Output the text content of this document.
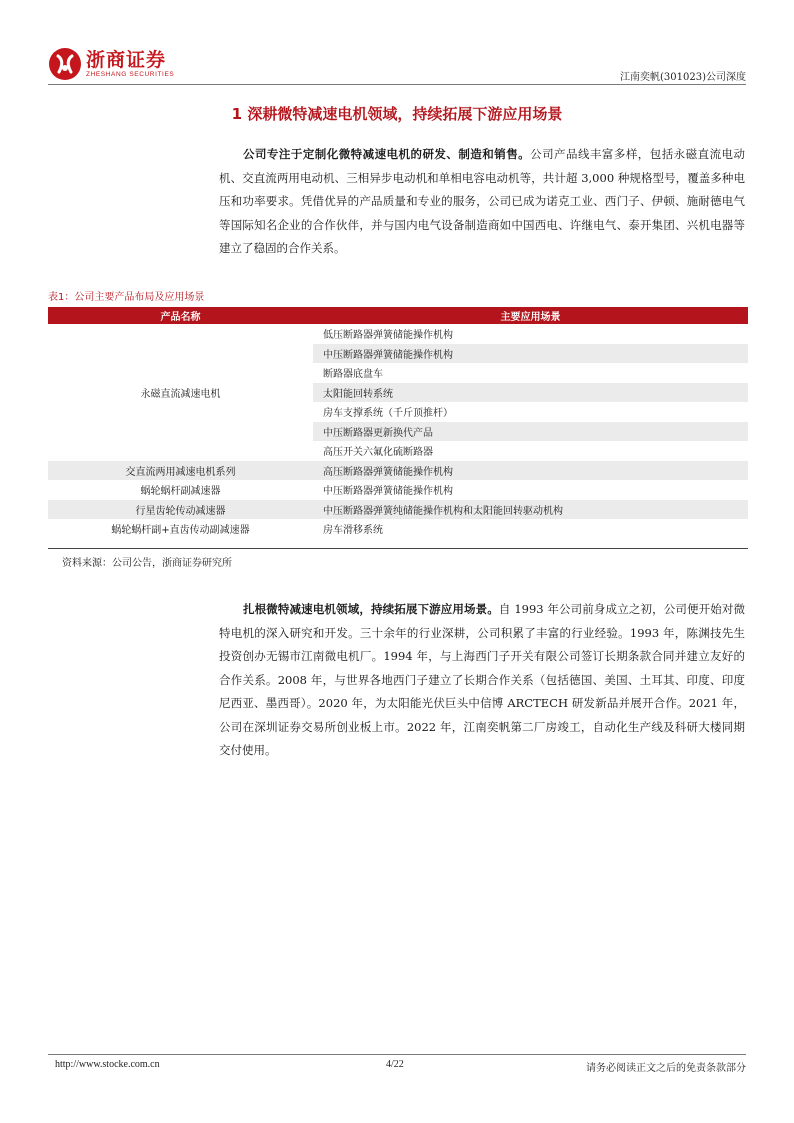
浙商证券
ZHESHANG SECURITIES	江南奕帆(301023)公司深度
1 深耕微特减速电机领域，持续拓展下游应用场景
公司专注于定制化微特减速电机的研发、制造和销售。公司产品线丰富多样，包括永磁直流电动机、交直流两用电动机、三相异步电动机和单相电容电动机等，共计超 3,000 种规格型号，覆盖多种电压和功率要求。凭借优异的产品质量和专业的服务，公司已成为诺克工业、西门子、伊顿、施耐德电气等国际知名企业的合作伙伴，并与国内电气设备制造商如中国西电、许继电气、泰开集团、兴机电器等建立了稳固的合作关系。
表1：公司主要产品布局及应用场景
产品名称	主要应用场景
永磁直流减速电机	低压断路器弹簧储能操作机构
	中压断路器弹簧储能操作机构
	断路器底盘车
	太阳能回转系统
	房车支撑系统（千斤顶推杆）
	中压断路器更新换代产品
	高压开关六氟化硫断路器
交直流两用减速电机系列	高压断路器弹簧储能操作机构
蜗轮蜗杆副减速器	中压断路器弹簧储能操作机构
行星齿轮传动减速器	中压断路器弹簧纯储能操作机构和太阳能回转驱动机构
蜗轮蜗杆副+直齿传动副减速器	房车滑移系统
资料来源：公司公告，浙商证券研究所
扎根微特减速电机领域，持续拓展下游应用场景。自 1993 年公司前身成立之初，公司便开始对微特电机的深入研究和开发。三十余年的行业深耕，公司积累了丰富的行业经验。1993 年，陈渊技先生投资创办无锡市江南微电机厂。1994 年，与上海西门子开关有限公司签订长期条款合同并建立友好的合作关系。2008 年，与世界各地西门子建立了长期合作关系（包括德国、美国、土耳其、印度、印度尼西亚、墨西哥）。2020 年，为太阳能光伏巨头中信博 ARCTECH 研发新品并展开合作。2021 年，公司在深圳证券交易所创业板上市。2022 年，江南奕帆第二厂房竣工，自动化生产线及科研大楼同期交付使用。
http://www.stocke.com.cn	4/22	请务必阅读正文之后的免责条款部分
